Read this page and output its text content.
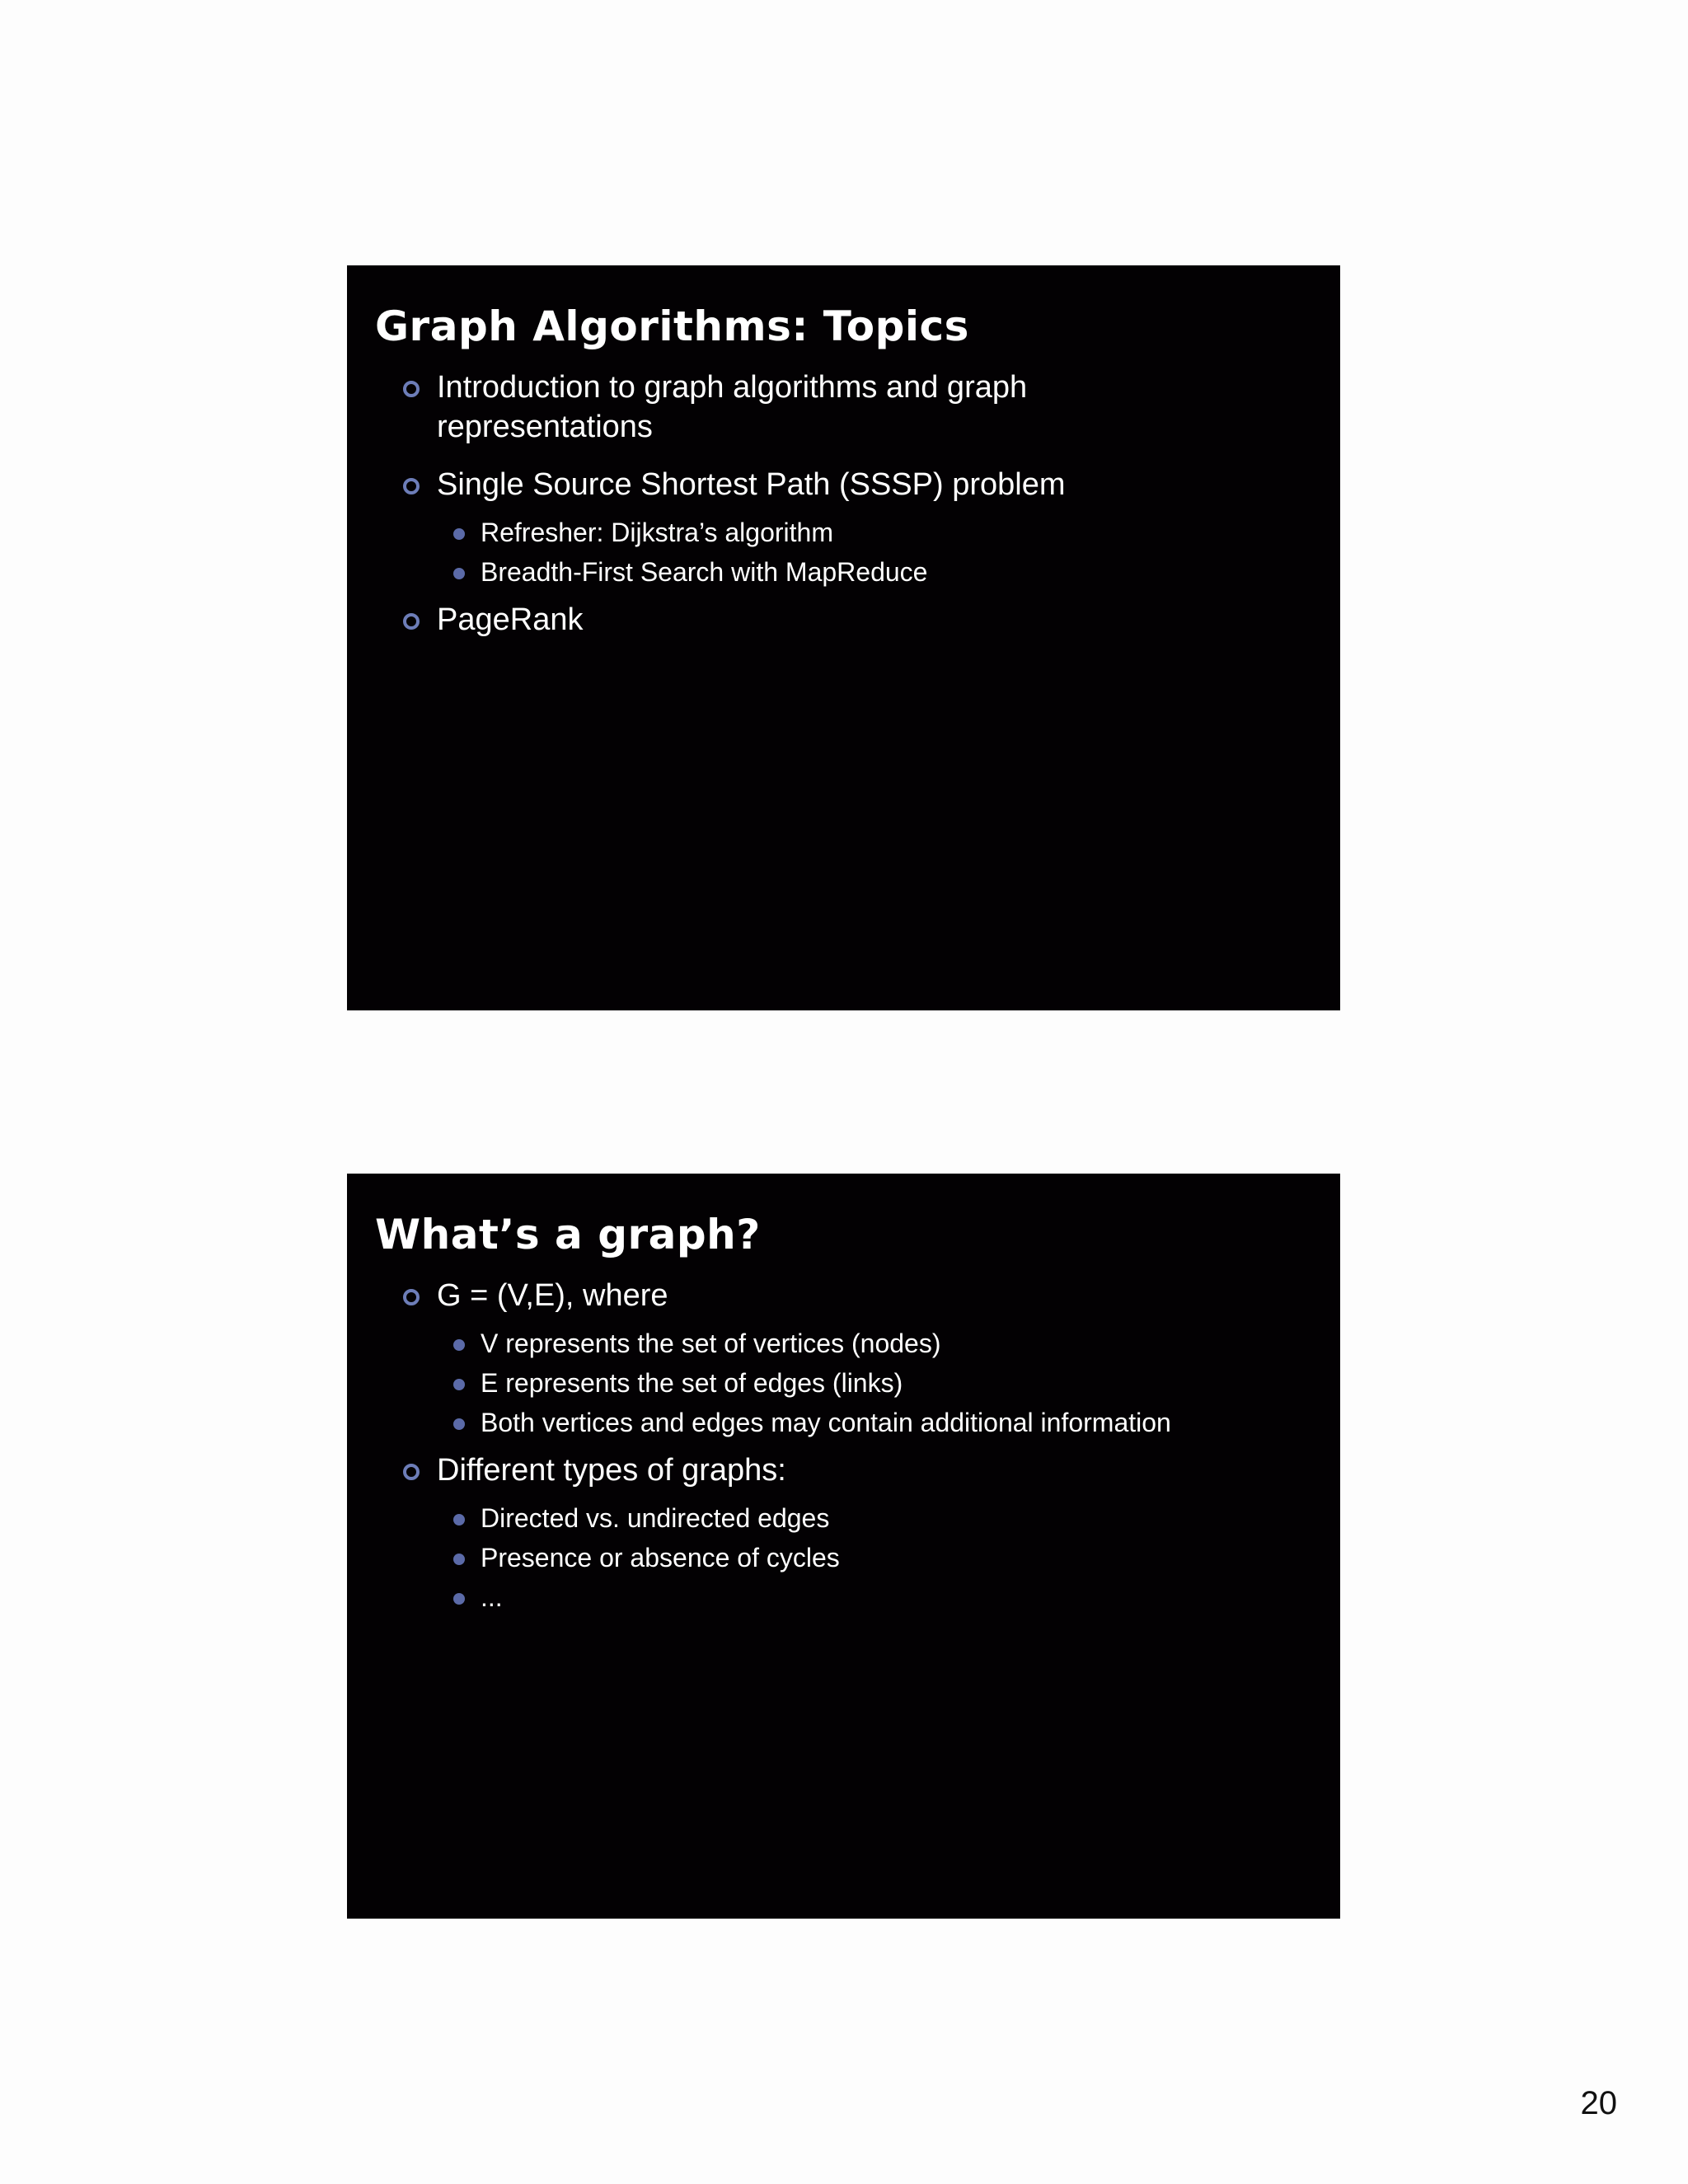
Graph Algorithms: Topics
Introduction to graph algorithms and graph
representations
Single Source Shortest Path (SSSP) problem
Refresher: Dijkstra’s algorithm
Breadth-First Search with MapReduce
PageRank
What’s a graph?
G = (V,E), where
V represents the set of vertices (nodes)
E represents the set of edges (links)
Both vertices and edges may contain additional information
Different types of graphs:
Directed vs. undirected edges
Presence or absence of cycles
...
20
